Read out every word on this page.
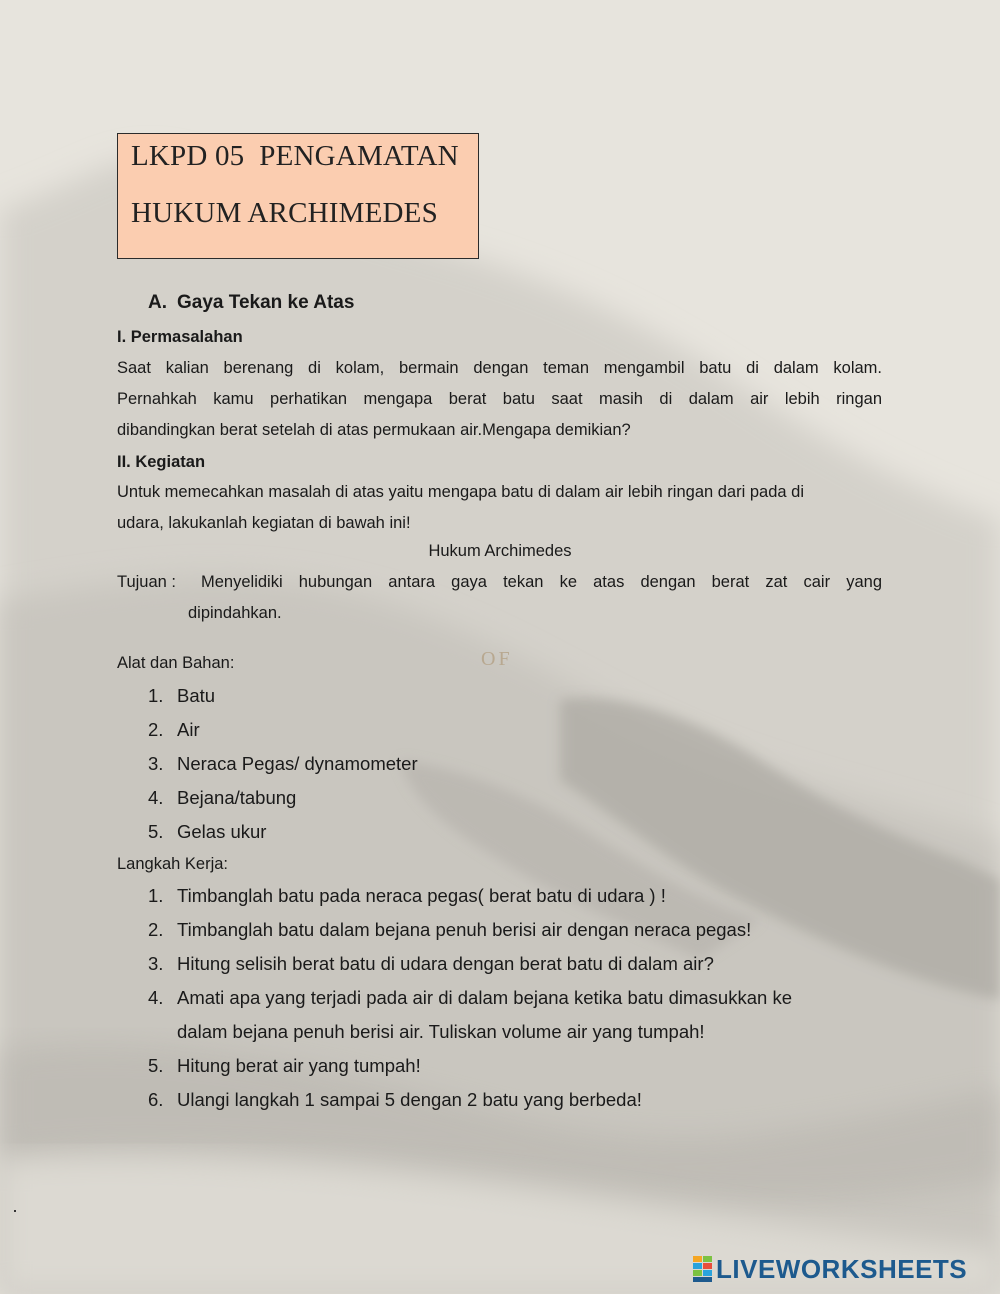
LKPD 05  PENGAMATAN
HUKUM ARCHIMEDES
A. Gaya Tekan ke Atas
I. Permasalahan
Saat kalian berenang di kolam, bermain dengan teman mengambil batu di dalam kolam.
Pernahkah kamu perhatikan mengapa berat batu saat masih di dalam air lebih ringan
dibandingkan berat setelah di atas permukaan air.Mengapa demikian?
II. Kegiatan
Untuk memecahkan masalah di atas yaitu mengapa batu di dalam air lebih ringan dari pada di
udara, lakukanlah kegiatan di bawah ini!
Hukum Archimedes
Tujuan : Menyelidiki hubungan antara gaya tekan ke atas dengan berat zat cair yang
dipindahkan.
OF
Alat dan Bahan:
1. Batu
2. Air
3. Neraca Pegas/ dynamometer
4. Bejana/tabung
5. Gelas ukur
Langkah Kerja:
1. Timbanglah batu pada neraca pegas( berat batu di udara ) !
2. Timbanglah batu dalam bejana penuh berisi air dengan neraca pegas!
3. Hitung selisih berat batu di udara dengan berat batu di dalam air?
4. Amati apa yang terjadi pada air di dalam bejana ketika batu dimasukkan ke
dalam bejana penuh berisi air. Tuliskan volume air yang tumpah!
5. Hitung berat air yang tumpah!
6. Ulangi langkah 1 sampai 5 dengan 2 batu yang berbeda!
LIVEWORKSHEETS
